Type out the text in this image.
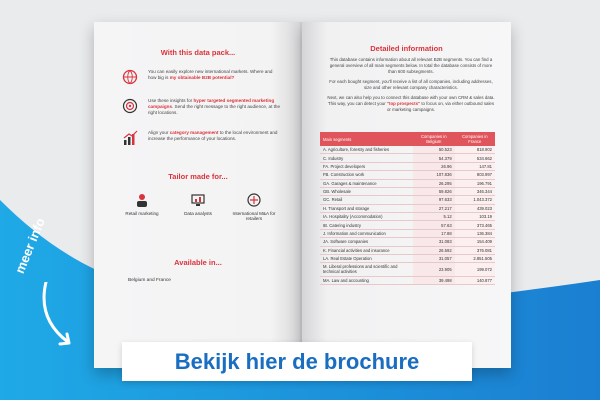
With this data pack...
You can easily explore new international markets. Where and how big is my obtainable B2B potential?
Use these insights for hyper targeted segmented marketing campaigns. Send the right message to the right audience, at the right locations.
Align your category management to the local environment and increase the performance of your locations.
Tailor made for...
Retail marketing	Data analysts	International M&A for retailers
Available in...
Belgium and France
Detailed information
This database contains information about all relevant B2B segments. You can find a general overview of all main segments below. In total the database consists of more than 600 subsegments.
For each bought segment, you'll receive a list of all companies, including addresses, size and other relevant company characteristics.
Next, we can also help you to connect this database with your own CRM & sales data. This way, you can detect your "top prospects" to focus on, via either outbound sales or marketing campaigns.
Main segments	Companies in Belgium	Companies in France
A. Agriculture, forestry and fisheries	50.523	818.902
C. Industry	54.379	534.662
FA. Project developers	26.96	147.81
FB. Construction work	107.836	803.997
GA. Garages & maintenance	26.295	196.791
GB. Wholesale	59.826	346.344
GC. Retail	97.633	1.043.372
H. Transport and storage	27.217	439.023
IA. Hospitality (Accommodation)	5.12	103.19
IB. Catering industry	57.63	373.465
J. Information and communication	17.88	136.384
JA. Software companies	31.083	154.409
K. Financial activities and insurance	26.592	376.081
LA. Real Estate Operation	31.057	2.851.505
M. Liberal professions and scientific and technical activities	23.905	199.072
MA. Law and accounting	39.498	140.877
meer info
Bekijk hier de brochure
